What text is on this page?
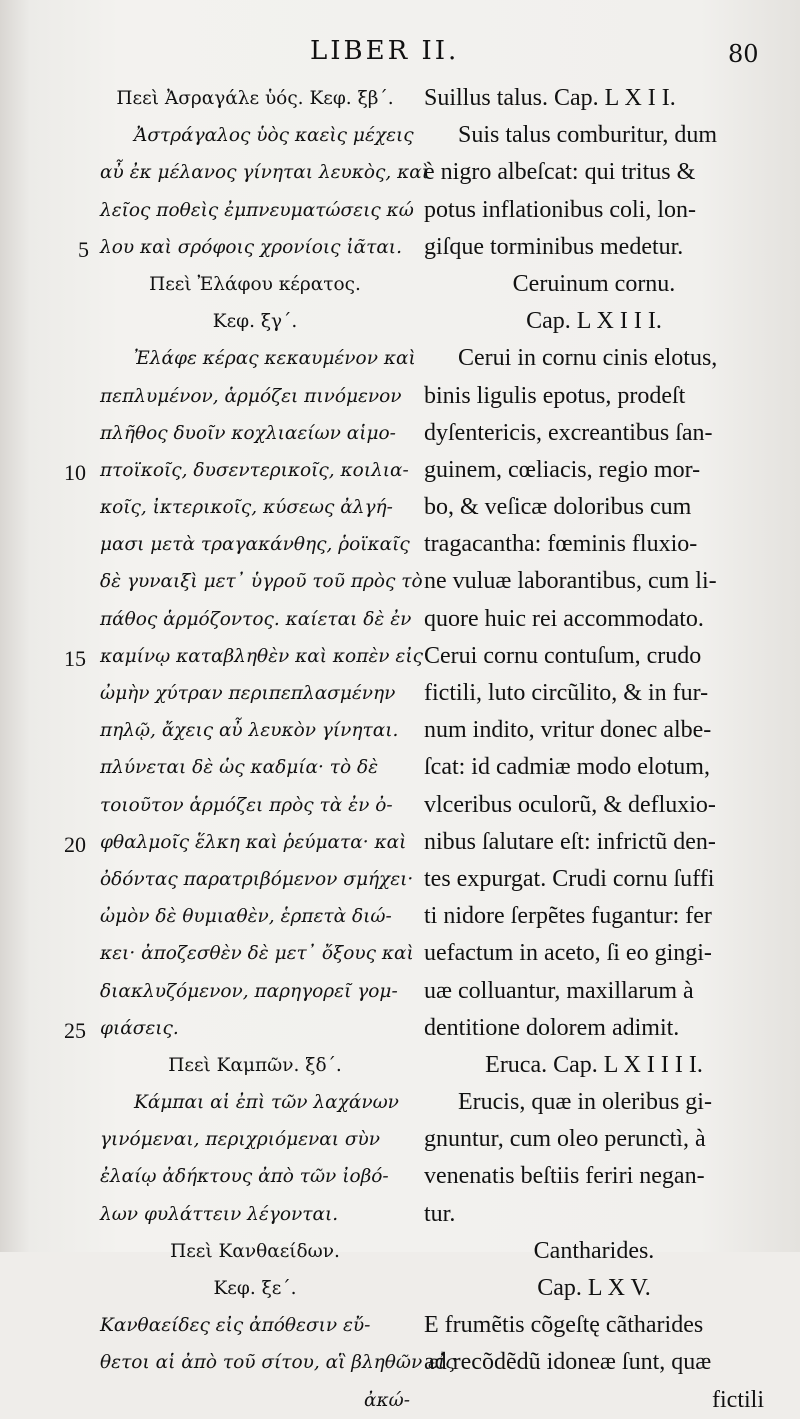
LIBER II.	80
5
10
15
20
25
Πεεὶ Ἀσραγάλε ὑός. Κεφ. ξβ΄.
Ἀστράγαλος ὑὸς καεὶς μέχεις
αὖ ἐκ μέλανος γίνηται λευκὸς, καὶ
λεῖος ποθεὶς ἐμπνευματώσεις κώ
λου καὶ σρόφοις χρονίοις ἰᾶται.
Πεεὶ Ἐλάφου κέρατος.
Κεφ. ξγ΄.
Ἐλάφε κέρας κεκαυμένον καὶ
πεπλυμένον, ἁρμόζει πινόμενον
πλῆθος δυοῖν κοχλιαείων αἱμο-
πτοϊκοῖς, δυσεντερικοῖς, κοιλια-
κοῖς, ἰκτερικοῖς, κύσεως ἀλγή-
μασι μετὰ τραγακάνθης, ῥοϊκαῖς
δὲ γυναιξὶ μετ᾽ ὑγροῦ τοῦ πρὸς τὸ
πάθος ἁρμόζοντος. καίεται δὲ ἐν
καμίνῳ καταβληθὲν καὶ κοπὲν εἰς
ὠμὴν χύτραν περιπεπλασμένην
πηλῷ, ἄχεις αὖ λευκὸν γίνηται.
πλύνεται δὲ ὡς καδμία· τὸ δὲ
τοιοῦτον ἁρμόζει πρὸς τὰ ἐν ὀ-
φθαλμοῖς ἕλκη καὶ ῥεύματα· καὶ
ὀδόντας παρατριβόμενον σμήχει·
ὠμὸν δὲ θυμιαθὲν, ἑρπετὰ διώ-
κει· ἀποζεσθὲν δὲ μετ᾽ ὄξους καὶ
διακλυζόμενον, παρηγορεῖ γομ-
φιάσεις.
Πεεὶ Καμπῶν. ξδ΄.
Κάμπαι αἱ ἐπὶ τῶν λαχάνων
γινόμεναι, περιχριόμεναι σὺν
ἐλαίῳ ἀδήκτους ἀπὸ τῶν ἰοβό-
λων φυλάττειν λέγονται.
Πεεὶ Κανθαείδων.
Κεφ. ξε΄.
Κανθαείδες εἰς ἀπόθεσιν εὔ-
θετοι αἱ ἀπὸ τοῦ σίτου, αἳ βληθῶν εἰς
ἀκώ-
Suillus talus. Cap. L X I I.
Suis talus comburitur, dum
è nigro albeſcat: qui tritus &
potus inflationibus coli, lon-
giſque torminibus medetur.
Ceruinum cornu.
Cap. L X I I I.
Cerui in cornu cinis elotus,
binis ligulis epotus, prodeſt
dyſentericis, excreantibus ſan-
guinem, cœliacis, regio mor-
bo, & veſicæ doloribus cum
tragacantha: fœminis fluxio-
ne vuluæ laborantibus, cum li-
quore huic rei accommodato.
Cerui cornu contuſum, crudo
fictili, luto circũlito, & in fur-
num indito, vritur donec albe-
ſcat: id cadmiæ modo elotum,
vlceribus oculorũ, & defluxio-
nibus ſalutare eſt: infrictũ den-
tes expurgat. Crudi cornu ſuffi
ti nidore ſerpẽtes fugantur: fer
uefactum in aceto, ſi eo gingi-
uæ colluantur, maxillarum à
dentitione dolorem adimit.
Eruca. Cap. L X I I I I.
Erucis, quæ in oleribus gi-
gnuntur, cum oleo perunctì, à
venenatis beſtiis feriri negan-
tur.
Cantharides.
Cap. L X V.
E frumẽtis cõgeſtę cãtharides
ad recõdẽdũ idoneæ ſunt, quæ
fictili
